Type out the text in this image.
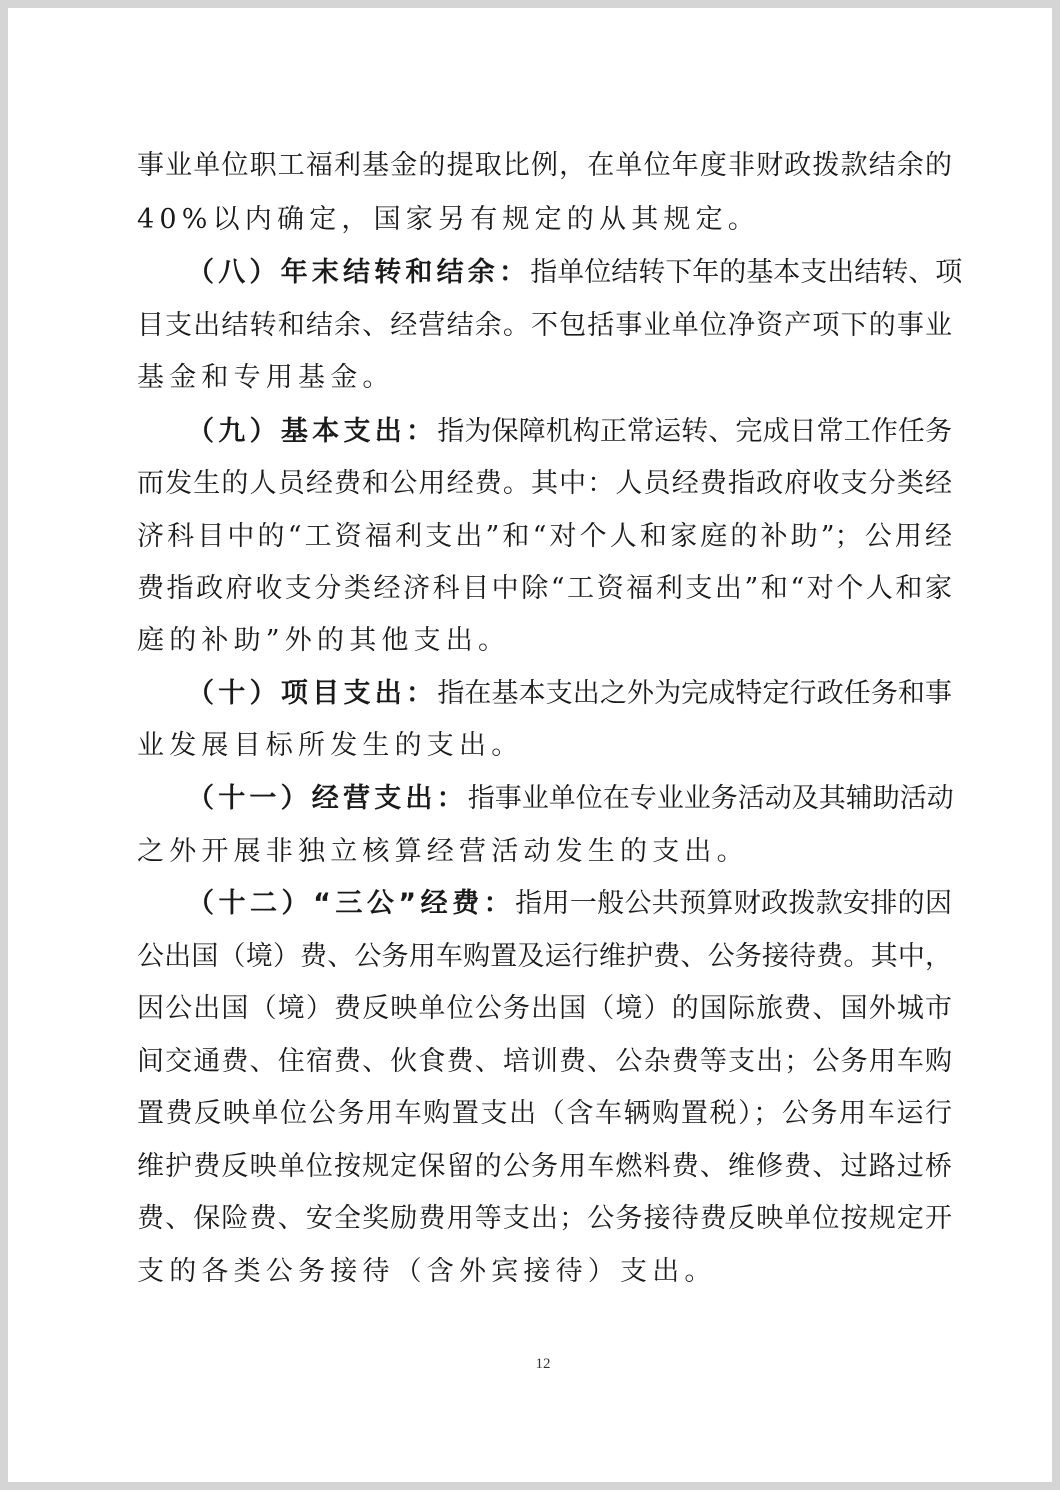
事业单位职工福利基金的提取比例，在单位年度非财政拨款结余的
40%以内确定，国家另有规定的从其规定。
（八）年末结转和结余：指单位结转下年的基本支出结转、项
目支出结转和结余、经营结余。不包括事业单位净资产项下的事业
基金和专用基金。
（九）基本支出：指为保障机构正常运转、完成日常工作任务
而发生的人员经费和公用经费。其中：人员经费指政府收支分类经
济科目中的“工资福利支出”和“对个人和家庭的补助”；公用经
费指政府收支分类经济科目中除“工资福利支出”和“对个人和家
庭的补助”外的其他支出。
（十）项目支出：指在基本支出之外为完成特定行政任务和事
业发展目标所发生的支出。
（十一）经营支出：指事业单位在专业业务活动及其辅助活动
之外开展非独立核算经营活动发生的支出。
（十二）“三公”经费：指用一般公共预算财政拨款安排的因
公出国（境）费、公务用车购置及运行维护费、公务接待费。其中，
因公出国（境）费反映单位公务出国（境）的国际旅费、国外城市
间交通费、住宿费、伙食费、培训费、公杂费等支出；公务用车购
置费反映单位公务用车购置支出（含车辆购置税）；公务用车运行
维护费反映单位按规定保留的公务用车燃料费、维修费、过路过桥
费、保险费、安全奖励费用等支出；公务接待费反映单位按规定开
支的各类公务接待（含外宾接待）支出。
12
